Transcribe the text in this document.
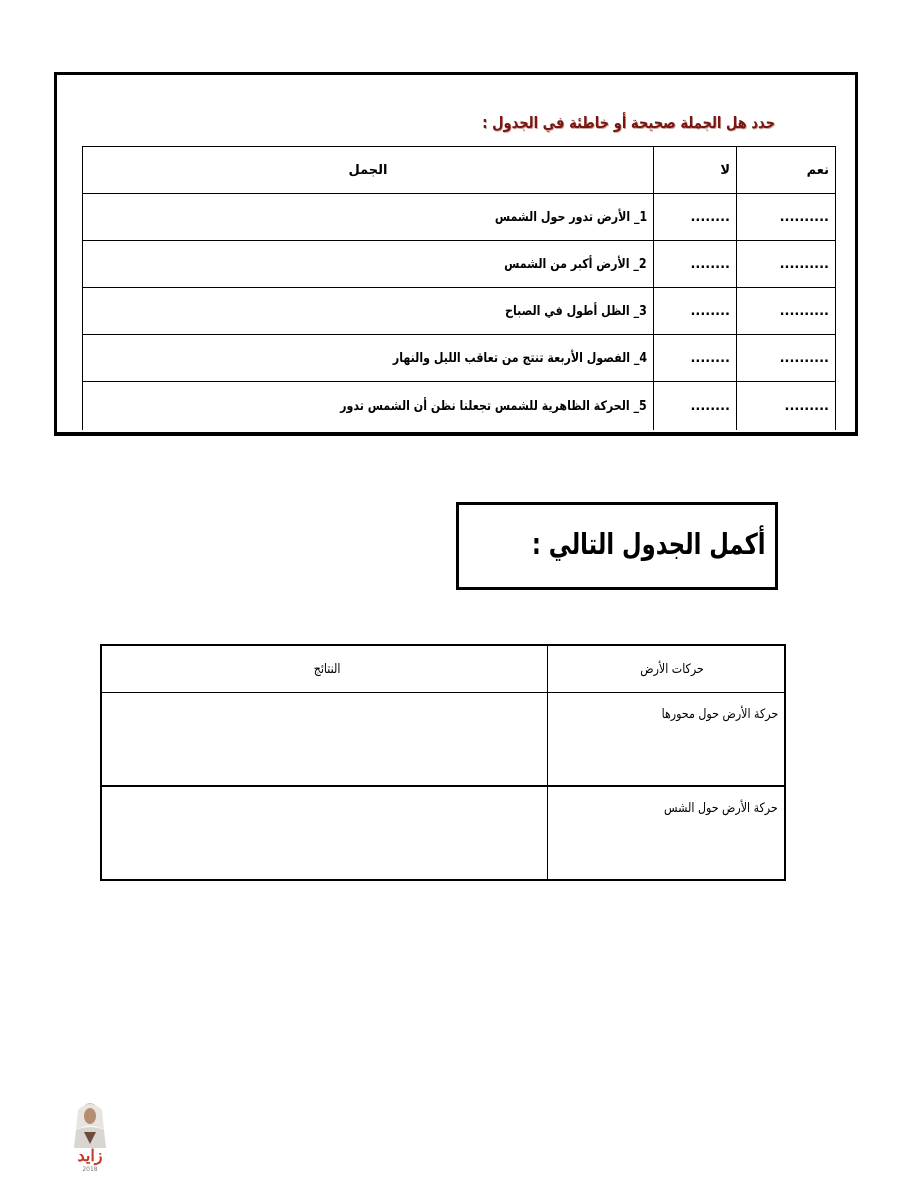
حدد هل الجملة صحيحة أو خاطئة في الجدول :
نعم	لا	الجمل
..........	........	1_ الأرض تدور حول الشمس
..........	........	2_ الأرض أكبر من الشمس
..........	........	3_ الظل أطول في الصباح
..........	........	4_ الفصول الأربعة تنتج من تعاقب الليل والنهار
.........	........	5_ الحركة الظاهرية للشمس تجعلنا نظن أن الشمس تدور
أكمل الجدول التالي :
حركات الأرض	النتائج
حركة الأرض حول محورها	
حركة الأرض حول الشس	
زايد
2018
